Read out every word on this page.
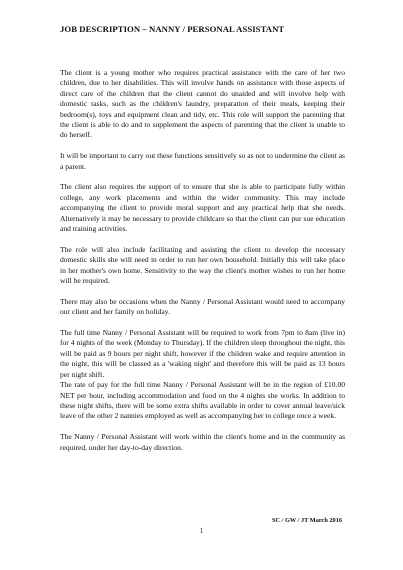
JOB DESCRIPTION – NANNY / PERSONAL ASSISTANT

The client is a young mother who requires practical assistance with the care of her two children, due to her disabilities. This will involve hands on assistance with those aspects of direct care of the children that the client cannot do unaided and will involve help with domestic tasks, such as the children's laundry, preparation of their meals, keeping their bedroom(s), toys and equipment clean and tidy, etc. This role will support the parenting that the client is able to do and to supplement the aspects of parenting that the client is unable to do herself.

It will be important to carry out these functions sensitively so as not to undermine the client as a parent.

The client also requires the support of to ensure that she is able to participate fully within college, any work placements and within the wider community. This may include accompanying the client to provide moral support and any practical help that she needs. Alternatively it may be necessary to provide childcare so that the client can pur sue education and training activities.

The role will also include facilitating and assisting the client to develop the necessary domestic skills she will need in order to run her own household. Initially this will take place in her mother's own home. Sensitivity to the way the client's mother wishes to run her home will be required.

There may also be occasions when the Nanny / Personal Assistant would need to accompany our client and her family on holiday.

The full time Nanny / Personal Assistant will be required to work from 7pm to 8am (live in) for 4 nights of the week (Monday to Thursday). If the children sleep throughout the night, this will be paid as 9 hours per night shift, however if the children wake and require attention in the night, this will be classed as a 'waking night' and therefore this will be paid as 13 hours per night shift.

The rate of pay for the full time Nanny / Personal Assistant will be in the region of £10.00 NET per hour, including accommodation and food on the 4 nights she works. In addition to these night shifts, there will be some extra shifts available in order to cover annual leave/sick leave of the other 2 nannies employed as well as accompanying her to college once a week.

The Nanny / Personal Assistant will work within the client's home and in the community as required, under her day-to-day direction.

SC / GW / JT March 2016
1
